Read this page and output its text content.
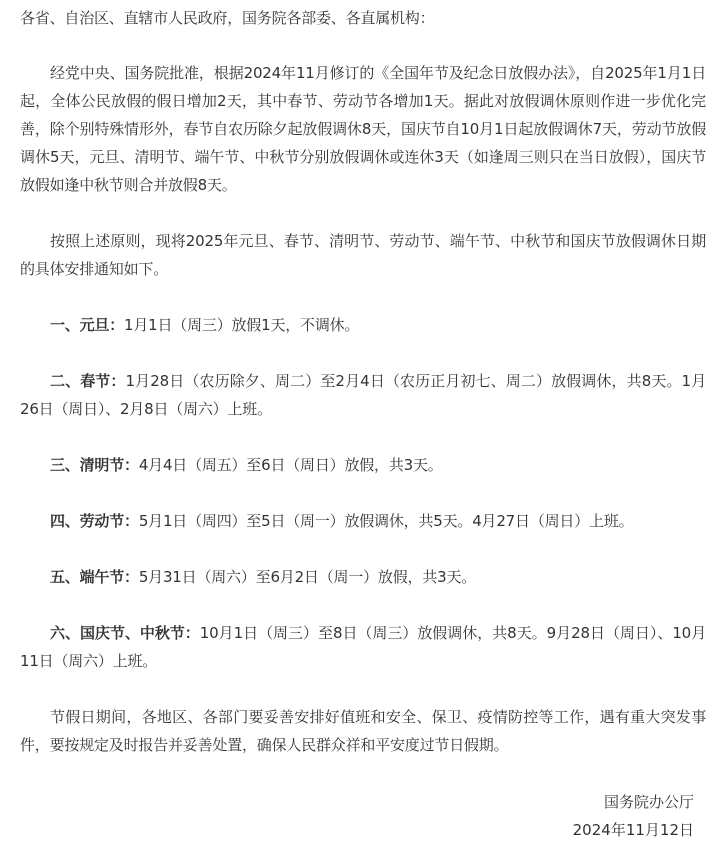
各省、自治区、直辖市人民政府，国务院各部委、各直属机构：

经党中央、国务院批准，根据2024年11月修订的《全国年节及纪念日放假办法》，自2025年1月1日起，全体公民放假的假日增加2天，其中春节、劳动节各增加1天。据此对放假调休原则作进一步优化完善，除个别特殊情形外，春节自农历除夕起放假调休8天，国庆节自10月1日起放假调休7天，劳动节放假调休5天，元旦、清明节、端午节、中秋节分别放假调休或连休3天（如逢周三则只在当日放假），国庆节放假如逢中秋节则合并放假8天。

按照上述原则，现将2025年元旦、春节、清明节、劳动节、端午节、中秋节和国庆节放假调休日期的具体安排通知如下。

一、元旦：1月1日（周三）放假1天，不调休。

二、春节：1月28日（农历除夕、周二）至2月4日（农历正月初七、周二）放假调休，共8天。1月26日（周日）、2月8日（周六）上班。

三、清明节：4月4日（周五）至6日（周日）放假，共3天。

四、劳动节：5月1日（周四）至5日（周一）放假调休，共5天。4月27日（周日）上班。

五、端午节：5月31日（周六）至6月2日（周一）放假，共3天。

六、国庆节、中秋节：10月1日（周三）至8日（周三）放假调休，共8天。9月28日（周日）、10月11日（周六）上班。

节假日期间，各地区、各部门要妥善安排好值班和安全、保卫、疫情防控等工作，遇有重大突发事件，要按规定及时报告并妥善处置，确保人民群众祥和平安度过节日假期。

国务院办公厅
2024年11月12日
